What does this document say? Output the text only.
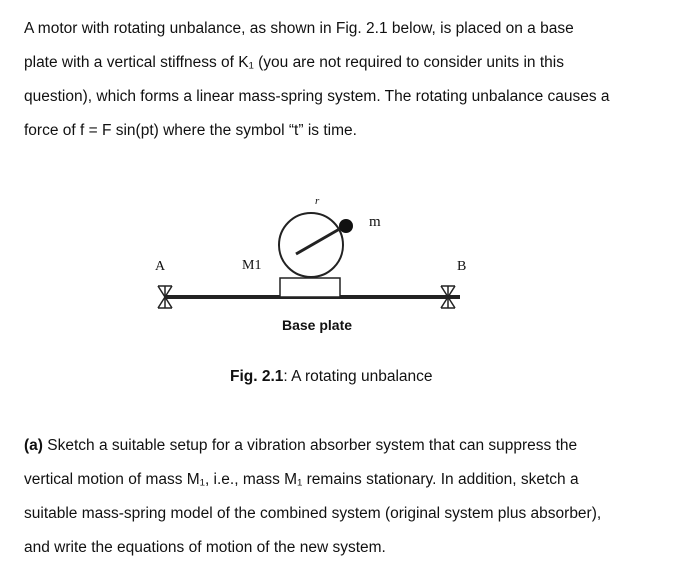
A motor with rotating unbalance, as shown in Fig. 2.1 below, is placed on a base
plate with a vertical stiffness of K₁ (you are not required to consider units in this
question), which forms a linear mass-spring system. The rotating unbalance causes a
force of f = F sin(pt) where the symbol “t” is time.
r
m
A	M1	B
Base plate
Fig. 2.1: A rotating unbalance
(a) Sketch a suitable setup for a vibration absorber system that can suppress the
vertical motion of mass M₁, i.e., mass M₁ remains stationary. In addition, sketch a
suitable mass-spring model of the combined system (original system plus absorber),
and write the equations of motion of the new system.
